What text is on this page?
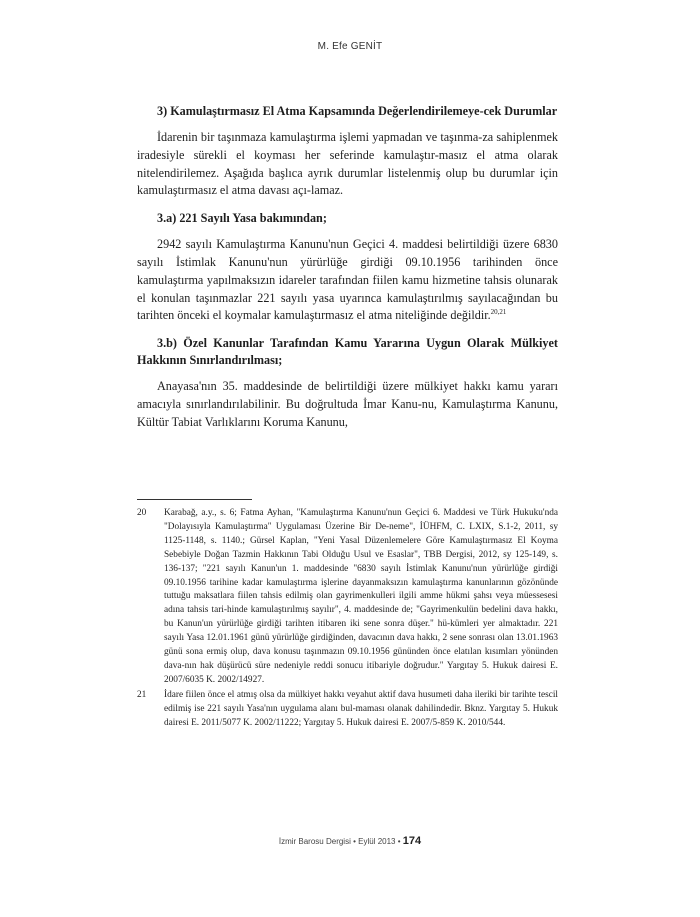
M. Efe GENİT

3) Kamulaştırmasız El Atma Kapsamında Değerlendirilemeye-cek Durumlar

İdarenin bir taşınmaza kamulaştırma işlemi yapmadan ve taşınma-za sahiplenmek iradesiyle sürekli el koyması her seferinde kamulaştır-masız el atma olarak nitelendirilemez. Aşağıda başlıca ayrık durumlar listelenmiş olup bu durumlar için kamulaştırmasız el atma davası açı-lamaz.

3.a) 221 Sayılı Yasa bakımından;

2942 sayılı Kamulaştırma Kanunu'nun Geçici 4. maddesi belirtildiği üzere 6830 sayılı İstimlak Kanunu'nun yürürlüğe girdiği 09.10.1956 tarihinden önce kamulaştırma yapılmaksızın idareler tarafından fiilen kamu hizmetine tahsis olunarak el konulan taşınmazlar 221 sayılı yasa uyarınca kamulaştırılmış sayılacağından bu tarihten önceki el koymalar kamulaştırmasız el atma niteliğinde değildir.$^{20,21}$

3.b) Özel Kanunlar Tarafından Kamu Yararına Uygun Olarak Mülkiyet Hakkının Sınırlandırılması;

Anayasa'nın 35. maddesinde de belirtildiği üzere mülkiyet hakkı kamu yararı amacıyla sınırlandırılabilinir. Bu doğrultuda İmar Kanu-nu, Kamulaştırma Kanunu, Kültür Tabiat Varlıklarını Koruma Kanunu,

20	Karabağ, a.y., s. 6; Fatma Ayhan, "Kamulaştırma Kanunu'nun Geçici 6. Maddesi ve Türk Hukuku'nda "Dolayısıyla Kamulaştırma" Uygulaması Üzerine Bir De-neme", İÜHFM, C. LXIX, S.1-2, 2011, sy 1125-1148, s. 1140.; Gürsel Kaplan, "Yeni Yasal Düzenlemelere Göre Kamulaştırmasız El Koyma Sebebiyle Doğan Tazmin Hakkının Tabi Olduğu Usul ve Esaslar", TBB Dergisi, 2012, sy 125-149, s. 136-137; "221 sayılı Kanun'un 1. maddesinde "6830 sayılı İstimlak Kanunu'nun yürürlüğe girdiği 09.10.1956 tarihine kadar kamulaştırma işlerine dayanmaksızın kamulaştırma kanunlarının gözönünde tuttuğu maksatlara fiilen tahsis edilmiş olan gayrimenkulleri ilgili amme hükmi şahsı veya müessesesi adına tahsis tari-hinde kamulaştırılmış sayılır", 4. maddesinde de; "Gayrimenkulün bedelini dava hakkı, bu Kanun'un yürürlüğe girdiği tarihten itibaren iki sene sonra düşer." hü-kümleri yer almaktadır. 221 sayılı Yasa 12.01.1961 günü yürürlüğe girdiğinden, davacının dava hakkı, 2 sene sonrası olan 13.01.1963 günü sona ermiş olup, dava konusu taşınmazın 09.10.1956 gününden önce elatılan kısımları yönünden dava-nın hak düşürücü süre nedeniyle reddi sonucu itibariyle doğrudur." Yargıtay 5. Hukuk dairesi E. 2007/6035 K. 2002/14927.
21	İdare fiilen önce el atmış olsa da mülkiyet hakkı veyahut aktif dava husumeti daha ileriki bir tarihte tescil edilmiş ise 221 sayılı Yasa'nın uygulama alanı bul-maması olanak dahilindedir. Bknz. Yargıtay 5. Hukuk dairesi E. 2011/5077 K. 2002/11222; Yargıtay 5. Hukuk dairesi E. 2007/5-859 K. 2010/544.
İzmir Barosu Dergisi • Eylül 2013 • 174
